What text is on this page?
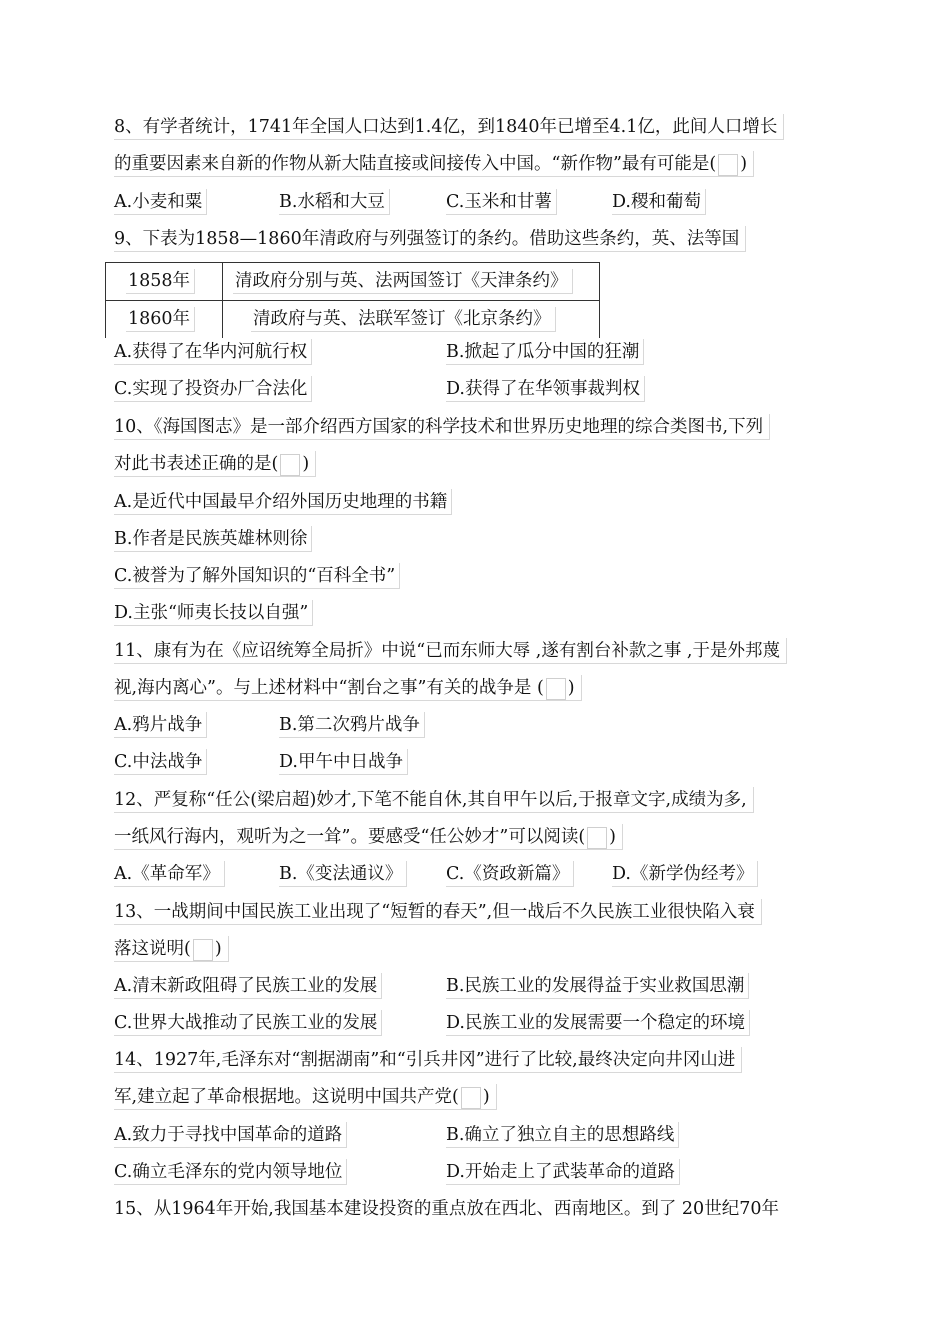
8、有学者统计，1741年全国人口达到1.4亿，到1840年已增至4.1亿，此间人口增长
的重要因素来自新的作物从新大陆直接或间接传入中国。“新作物”最有可能是( )
A.小麦和粟	B.水稻和大豆	C.玉米和甘薯	D.稷和葡萄
9、下表为1858—1860年清政府与列强签订的条约。借助这些条约，英、法等国
1858年	清政府分别与英、法两国签订《天津条约》
1860年	清政府与英、法联军签订《北京条约》
A.获得了在华内河航行权	B.掀起了瓜分中国的狂潮
C.实现了投资办厂合法化	D.获得了在华领事裁判权
10、《海国图志》是一部介绍西方国家的科学技术和世界历史地理的综合类图书,下列
对此书表述正确的是( )
A.是近代中国最早介绍外国历史地理的书籍
B.作者是民族英雄林则徐
C.被誉为了解外国知识的“百科全书”
D.主张“师夷长技以自强”
11、康有为在《应诏统筹全局折》中说“已而东师大辱 ,遂有割台补款之事 ,于是外邦蔑
视,海内离心”。与上述材料中“割台之事”有关的战争是 ( )
A.鸦片战争	B.第二次鸦片战争
C.中法战争	D.甲午中日战争
12、严复称“任公(梁启超)妙才,下笔不能自休,其自甲午以后,于报章文字,成绩为多,
一纸风行海内，观听为之一耸”。要感受“任公妙才”可以阅读( )
A.《革命军》	B.《变法通议》 C.《资政新篇》 D.《新学伪经考》
13、一战期间中国民族工业出现了“短暂的春天”,但一战后不久民族工业很快陷入衰
落这说明( )
A.清末新政阻碍了民族工业的发展	B.民族工业的发展得益于实业救国思潮
C.世界大战推动了民族工业的发展	D.民族工业的发展需要一个稳定的环境
14、1927年,毛泽东对“割据湖南”和“引兵井冈”进行了比较,最终决定向井冈山进
军,建立起了革命根据地。这说明中国共产党( )
A.致力于寻找中国革命的道路	B.确立了独立自主的思想路线
C.确立毛泽东的党内领导地位	D.开始走上了武装革命的道路
15、从1964年开始,我国基本建设投资的重点放在西北、西南地区。到了 20世纪70年
